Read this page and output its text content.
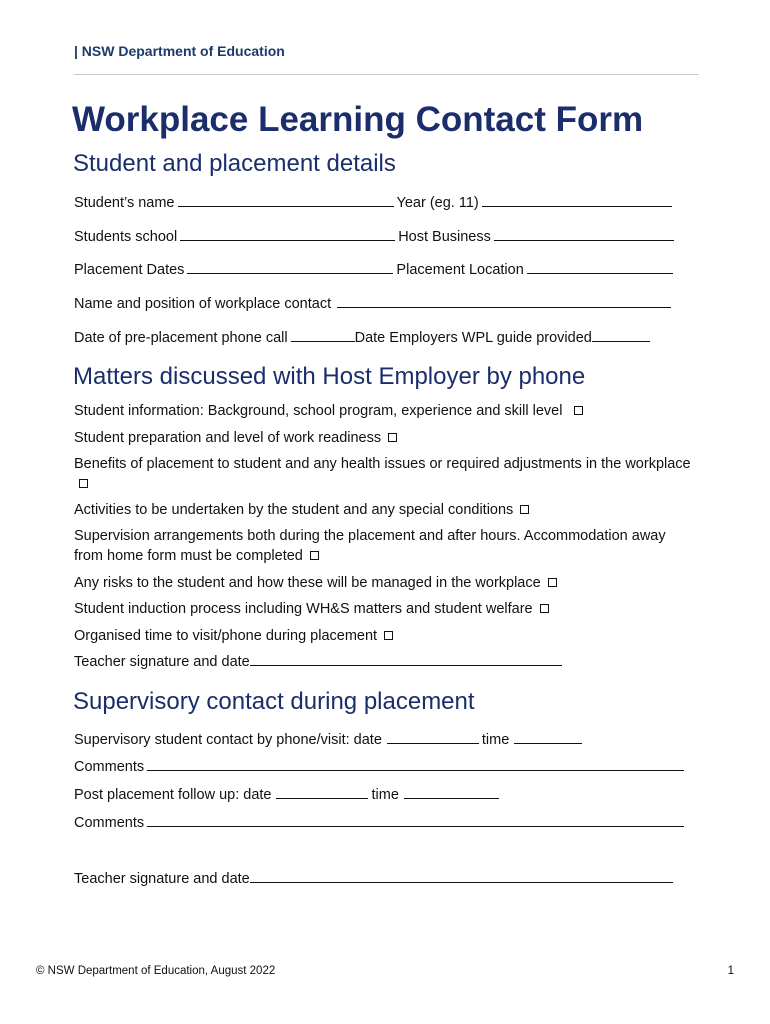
| NSW Department of Education
Workplace Learning Contact Form
Student and placement details
Student’s name	Year (eg. 11)
Students school	Host Business
Placement Dates	Placement Location
Name and position of workplace contact
Date of pre-placement phone call	Date Employers WPL guide provided
Matters discussed with Host Employer by phone
Student information: Background, school program, experience and skill level
Student preparation and level of work readiness
Benefits of placement to student and any health issues or required adjustments in the workplace
Activities to be undertaken by the student and any special conditions
Supervision arrangements both during the placement and after hours. Accommodation away from home form must be completed
Any risks to the student and how these will be managed in the workplace
Student induction process including WH&S matters and student welfare
Organised time to visit/phone during placement
Teacher signature and date
Supervisory contact during placement
Supervisory student contact by phone/visit: date	time
Comments
Post placement follow up: date	time
Comments
Teacher signature and date
© NSW Department of Education, August 2022	1
